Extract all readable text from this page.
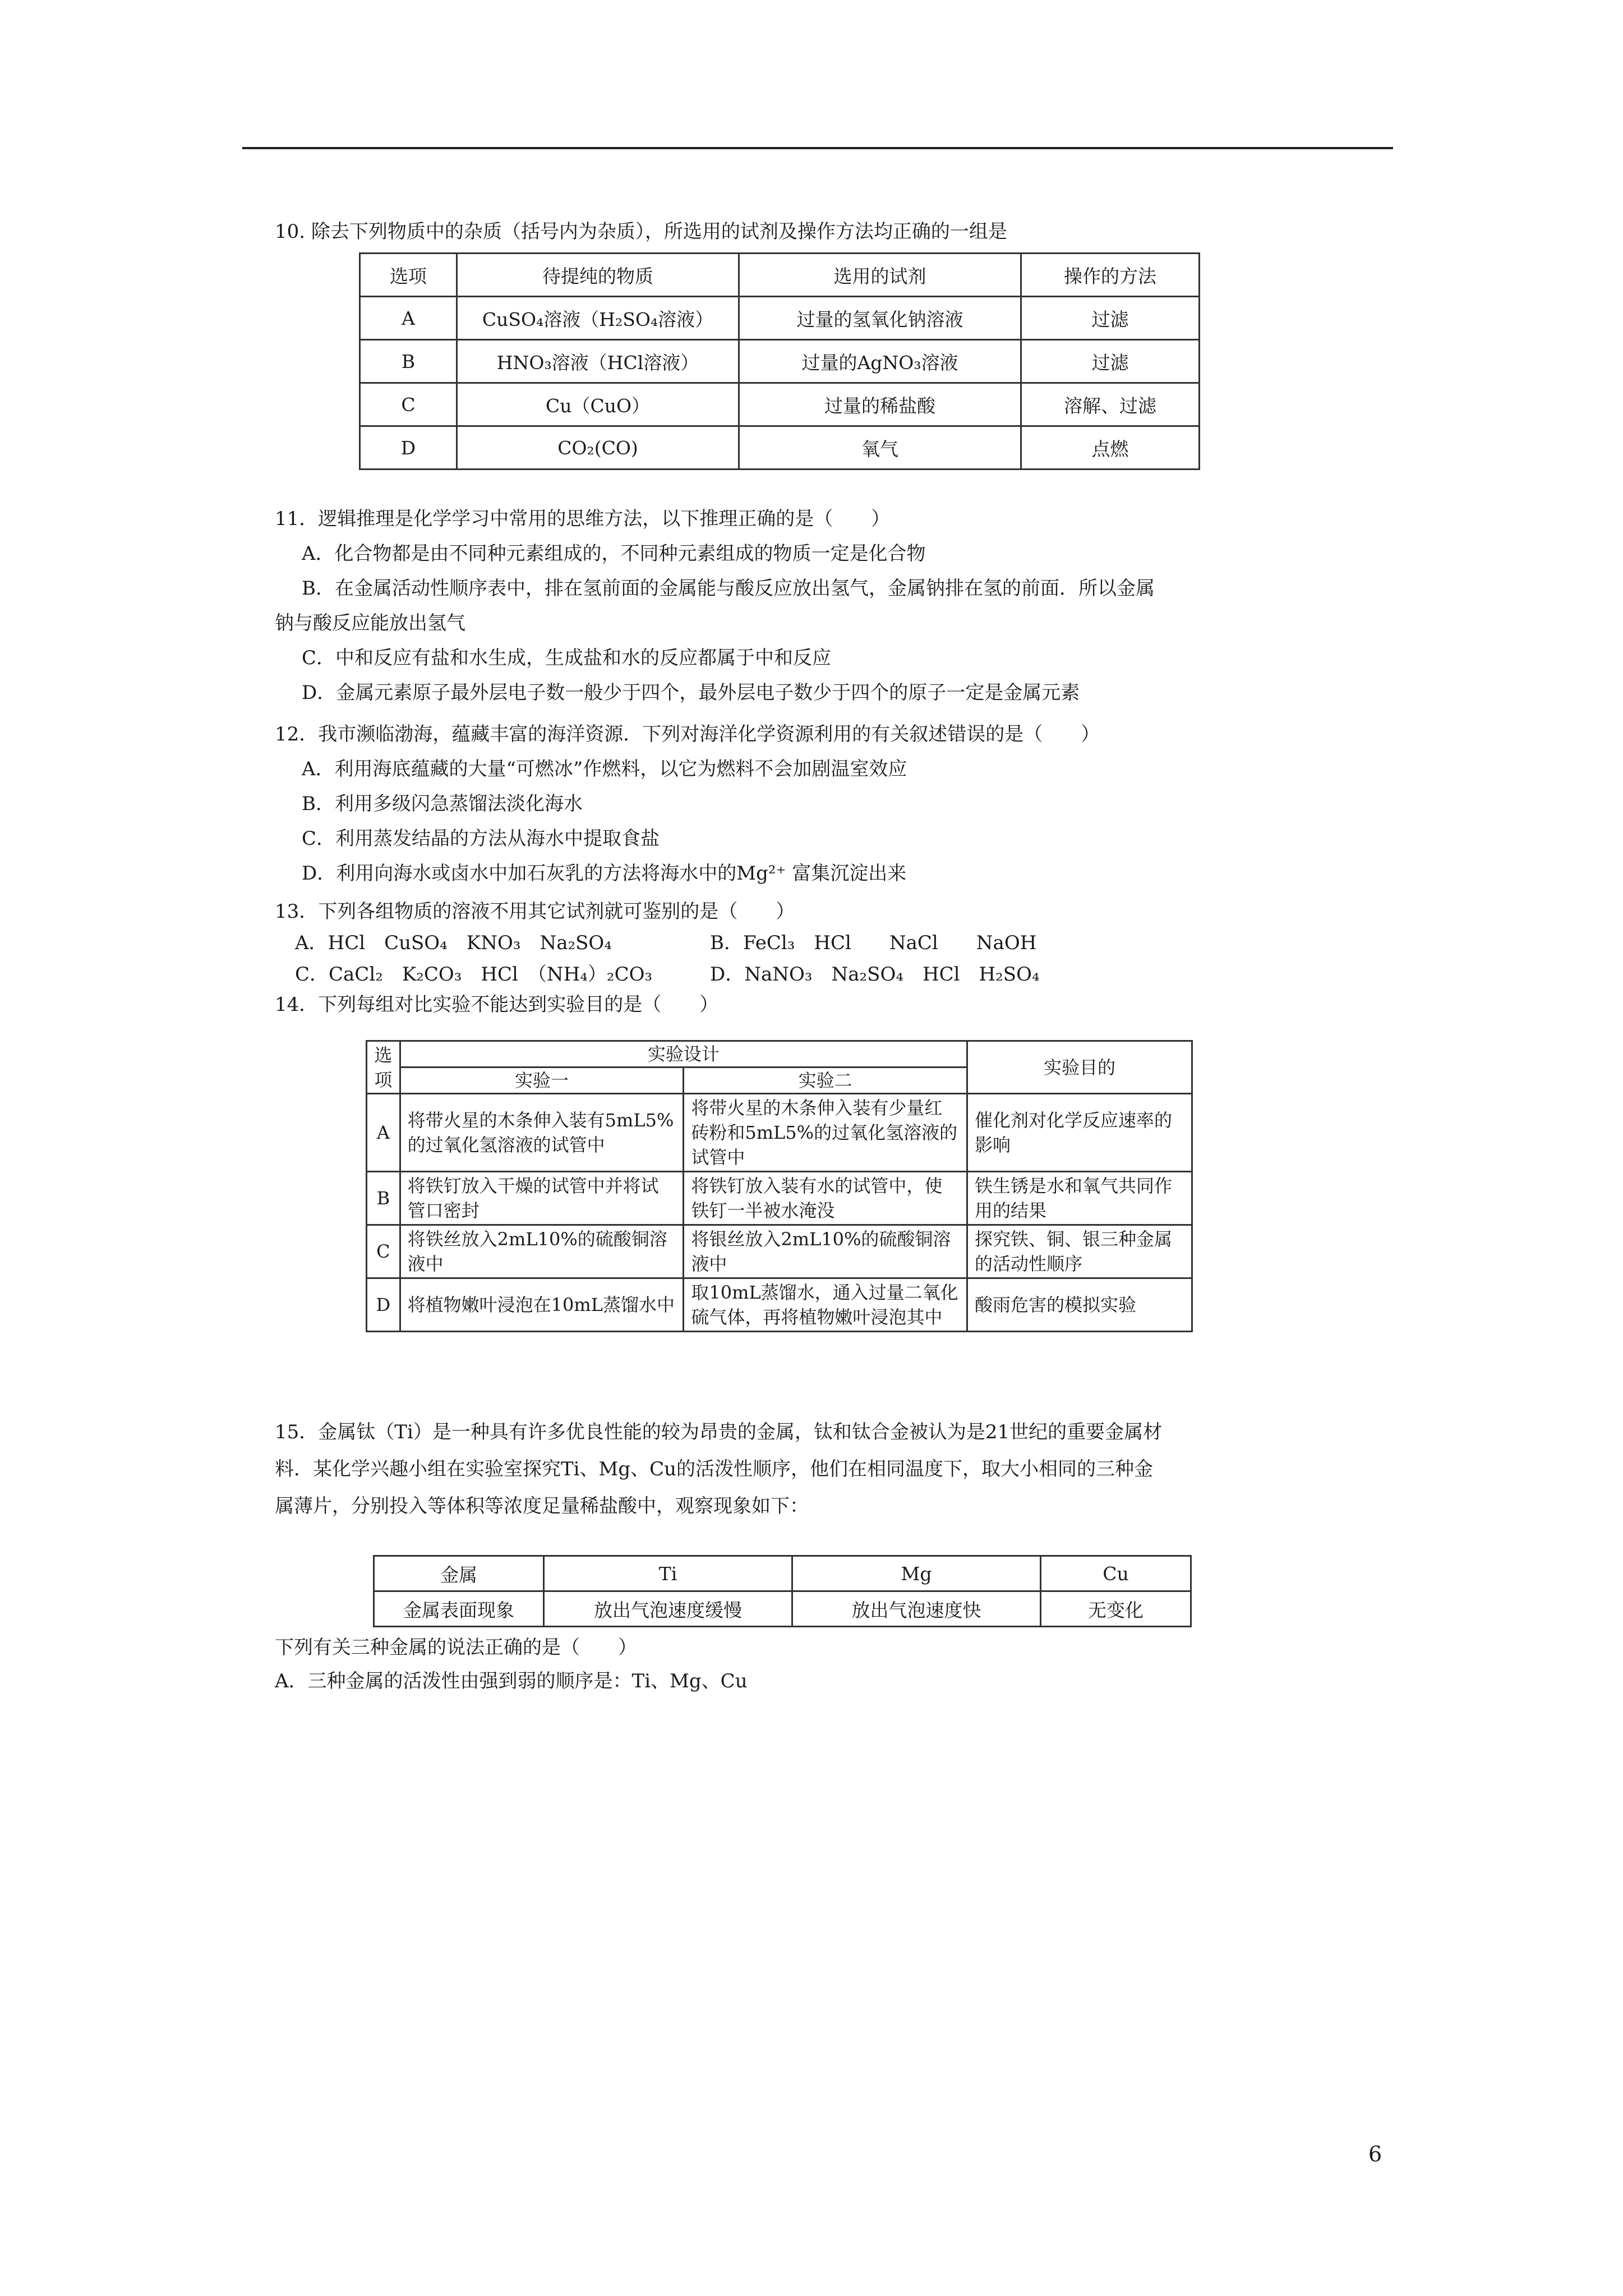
10. 除去下列物质中的杂质（括号内为杂质），所选用的试剂及操作方法均正确的一组是
选项	待提纯的物质	选用的试剂	操作的方法
A	CuSO₄溶液（H₂SO₄溶液）	过量的氢氧化钠溶液	过滤
B	HNO₃溶液（HCl溶液）	过量的AgNO₃溶液	过滤
C	Cu（CuO）	过量的稀盐酸	溶解、过滤
D	CO₂(CO)	氧气	点燃
11．逻辑推理是化学学习中常用的思维方法，以下推理正确的是（　　）
A．化合物都是由不同种元素组成的，不同种元素组成的物质一定是化合物
B．在金属活动性顺序表中，排在氢前面的金属能与酸反应放出氢气，金属钠排在氢的前面．所以金属
钠与酸反应能放出氢气
C．中和反应有盐和水生成，生成盐和水的反应都属于中和反应
D．金属元素原子最外层电子数一般少于四个，最外层电子数少于四个的原子一定是金属元素
12．我市濒临渤海，蕴藏丰富的海洋资源．下列对海洋化学资源利用的有关叙述错误的是（　　）
A．利用海底蕴藏的大量“可燃冰”作燃料，以它为燃料不会加剧温室效应
B．利用多级闪急蒸馏法淡化海水
C．利用蒸发结晶的方法从海水中提取食盐
D．利用向海水或卤水中加石灰乳的方法将海水中的Mg²⁺ 富集沉淀出来
13．下列各组物质的溶液不用其它试剂就可鉴别的是（　　）
A．HCl　CuSO₄　KNO₃　Na₂SO₄	B．FeCl₃　HCl　　NaCl　　NaOH
C．CaCl₂　K₂CO₃　HCl　（NH₄）₂CO₃	D．NaNO₃　Na₂SO₄　HCl　H₂SO₄
14．下列每组对比实验不能达到实验目的是（　　）
选项	实验设计		实验目的
	实验一	实验二	
A	将带火星的木条伸入装有5mL5%的过氧化氢溶液的试管中	将带火星的木条伸入装有少量红砖粉和5mL5%的过氧化氢溶液的试管中	催化剂对化学反应速率的影响
B	将铁钉放入干燥的试管中并将试管口密封	将铁钉放入装有水的试管中，使铁钉一半被水淹没	铁生锈是水和氧气共同作用的结果
C	将铁丝放入2mL10%的硫酸铜溶液中	将银丝放入2mL10%的硫酸铜溶液中	探究铁、铜、银三种金属的活动性顺序
D	将植物嫩叶浸泡在10mL蒸馏水中	取10mL蒸馏水，通入过量二氧化硫气体，再将植物嫩叶浸泡其中	酸雨危害的模拟实验
15．金属钛（Ti）是一种具有许多优良性能的较为昂贵的金属，钛和钛合金被认为是21世纪的重要金属材
料．某化学兴趣小组在实验室探究Ti、Mg、Cu的活泼性顺序，他们在相同温度下，取大小相同的三种金
属薄片，分别投入等体积等浓度足量稀盐酸中，观察现象如下：
金属	Ti	Mg	Cu
金属表面现象	放出气泡速度缓慢	放出气泡速度快	无变化
下列有关三种金属的说法正确的是（　　）
A．三种金属的活泼性由强到弱的顺序是：Ti、Mg、Cu
6
